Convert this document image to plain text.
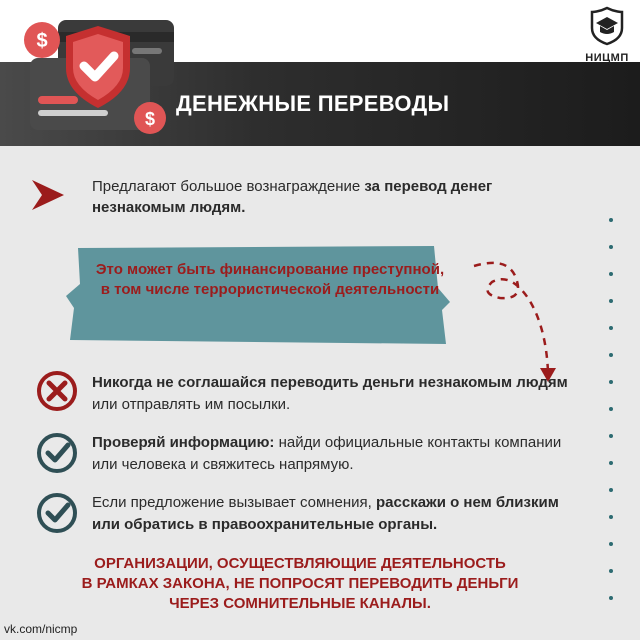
$
$
ДЕНЕЖНЫЕ ПЕРЕВОДЫ
НИЦМП
Предлагают большое вознаграждение за перевод денег незнакомым людям.
Это может быть финансирование преступной, в том числе террористической деятельности
Никогда не соглашайся переводить деньги незнакомым людям или отправлять им посылки.
Проверяй информацию: найди официальные контакты компании или человека и свяжитесь напрямую.
Если предложение вызывает сомнения, расскажи о нем близким или обратись в правоохранительные органы.
ОРГАНИЗАЦИИ, ОСУЩЕСТВЛЯЮЩИЕ ДЕЯТЕЛЬНОСТЬ
В РАМКАХ ЗАКОНА, НЕ ПОПРОСЯТ ПЕРЕВОДИТЬ ДЕНЬГИ
ЧЕРЕЗ СОМНИТЕЛЬНЫЕ КАНАЛЫ.
vk.com/nicmp
